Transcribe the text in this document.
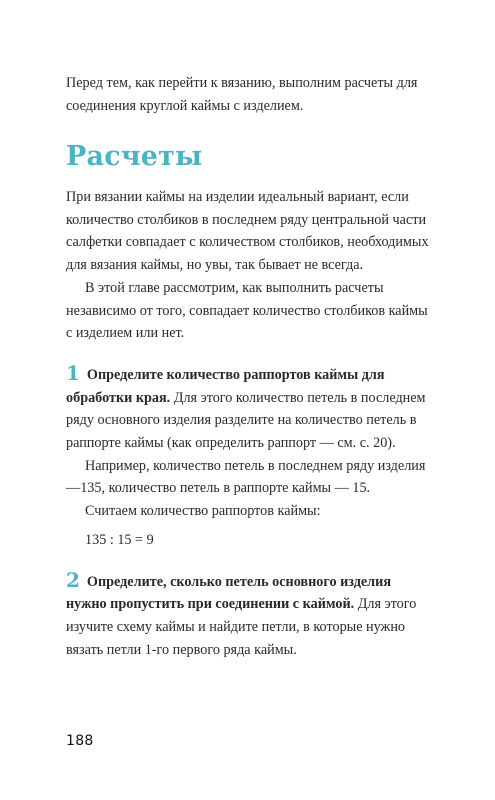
Перед тем, как перейти к вязанию, выполним расчеты для соединения круглой каймы с изделием.

Расчеты

При вязании каймы на изделии идеальный вариант, если количество столбиков в последнем ряду центральной части салфетки совпадает с количеством столбиков, необходимых для вязания каймы, но увы, так бывает не всегда.

В этой главе рассмотрим, как выполнить расчеты независимо от того, совпадает количество столбиков каймы с изделием или нет.

1 Определите количество раппортов каймы для обработки края. Для этого количество петель в последнем ряду основного изделия разделите на количество петель в раппорте каймы (как определить раппорт — см. с. 20).

Например, количество петель в последнем ряду изделия —135, количество петель в раппорте каймы — 15.

Считаем количество раппортов каймы:

135 : 15 = 9

2 Определите, сколько петель основного изделия нужно пропустить при соединении с каймой. Для этого изучите схему каймы и найдите петли, в которые нужно вязать петли 1-го первого ряда каймы.

188
